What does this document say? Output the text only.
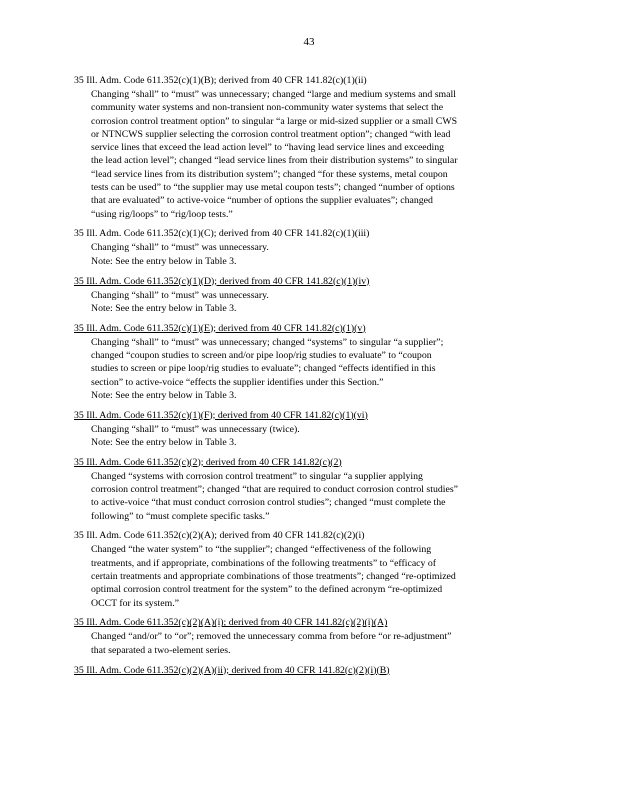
43
35 Ill. Adm. Code 611.352(c)(1)(B); derived from 40 CFR 141.82(c)(1)(ii)
Changing “shall” to “must” was unnecessary; changed “large and medium systems and small
community water systems and non-transient non-community water systems that select the
corrosion control treatment option” to singular “a large or mid-sized supplier or a small CWS
or NTNCWS supplier selecting the corrosion control treatment option”; changed “with lead
service lines that exceed the lead action level” to “having lead service lines and exceeding
the lead action level”; changed “lead service lines from their distribution systems” to singular
“lead service lines from its distribution system”; changed “for these systems, metal coupon
tests can be used” to “the supplier may use metal coupon tests”; changed “number of options
that are evaluated” to active-voice “number of options the supplier evaluates”; changed
“using rig/loops” to “rig/loop tests.”
35 Ill. Adm. Code 611.352(c)(1)(C); derived from 40 CFR 141.82(c)(1)(iii)
Changing “shall” to “must” was unnecessary.
Note: See the entry below in Table 3.
35 Ill. Adm. Code 611.352(c)(1)(D); derived from 40 CFR 141.82(c)(1)(iv)
Changing “shall” to “must” was unnecessary.
Note: See the entry below in Table 3.
35 Ill. Adm. Code 611.352(c)(1)(E); derived from 40 CFR 141.82(c)(1)(v)
Changing “shall” to “must” was unnecessary; changed “systems” to singular “a supplier”;
changed “coupon studies to screen and/or pipe loop/rig studies to evaluate” to “coupon
studies to screen or pipe loop/rig studies to evaluate”; changed “effects identified in this
section” to active-voice “effects the supplier identifies under this Section.”
Note: See the entry below in Table 3.
35 Ill. Adm. Code 611.352(c)(1)(F); derived from 40 CFR 141.82(c)(1)(vi)
Changing “shall” to “must” was unnecessary (twice).
Note: See the entry below in Table 3.
35 Ill. Adm. Code 611.352(c)(2); derived from 40 CFR 141.82(c)(2)
Changed “systems with corrosion control treatment” to singular “a supplier applying
corrosion control treatment”; changed “that are required to conduct corrosion control studies”
to active-voice “that must conduct corrosion control studies”; changed “must complete the
following” to “must complete specific tasks.”
35 Ill. Adm. Code 611.352(c)(2)(A); derived from 40 CFR 141.82(c)(2)(i)
Changed “the water system” to “the supplier”; changed “effectiveness of the following
treatments, and if appropriate, combinations of the following treatments” to “efficacy of
certain treatments and appropriate combinations of those treatments”; changed “re-optimized
optimal corrosion control treatment for the system” to the defined acronym “re-optimized
OCCT for its system.”
35 Ill. Adm. Code 611.352(c)(2)(A)(i); derived from 40 CFR 141.82(c)(2)(i)(A)
Changed “and/or” to “or”; removed the unnecessary comma from before “or re-adjustment”
that separated a two-element series.
35 Ill. Adm. Code 611.352(c)(2)(A)(ii); derived from 40 CFR 141.82(c)(2)(i)(B)
